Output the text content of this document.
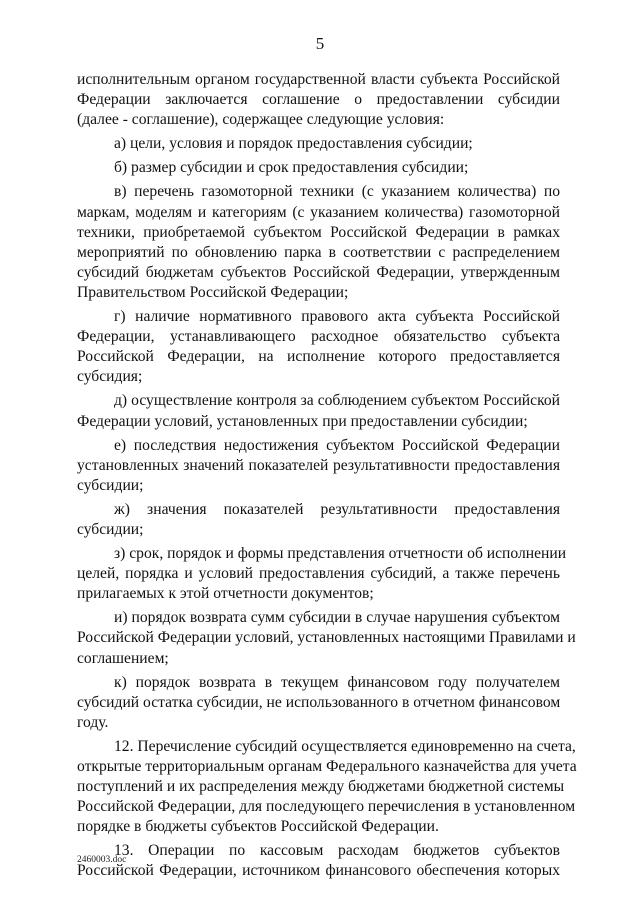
5
исполнительным органом государственной власти субъекта Российской
Федерации заключается соглашение о предоставлении субсидии
(далее - соглашение), содержащее следующие условия:
а) цели, условия и порядок предоставления субсидии;
б) размер субсидии и срок предоставления субсидии;
в) перечень газомоторной техники (с указанием количества) по
маркам, моделям и категориям (с указанием количества) газомоторной
техники, приобретаемой субъектом Российской Федерации в рамках
мероприятий по обновлению парка в соответствии с распределением
субсидий бюджетам субъектов Российской Федерации, утвержденным
Правительством Российской Федерации;
г) наличие нормативного правового акта субъекта Российской
Федерации, устанавливающего расходное обязательство субъекта
Российской Федерации, на исполнение которого предоставляется
субсидия;
д) осуществление контроля за соблюдением субъектом Российской
Федерации условий, установленных при предоставлении субсидии;
е) последствия недостижения субъектом Российской Федерации
установленных значений показателей результативности предоставления
субсидии;
ж) значения показателей результативности предоставления
субсидии;
з) срок, порядок и формы представления отчетности об исполнении
целей, порядка и условий предоставления субсидий, а также перечень
прилагаемых к этой отчетности документов;
и) порядок возврата сумм субсидии в случае нарушения субъектом
Российской Федерации условий, установленных настоящими Правилами и
соглашением;
к) порядок возврата в текущем финансовом году получателем
субсидий остатка субсидии, не использованного в отчетном финансовом
году.
12. Перечисление субсидий осуществляется единовременно на счета,
открытые территориальным органам Федерального казначейства для учета
поступлений и их распределения между бюджетами бюджетной системы
Российской Федерации, для последующего перечисления в установленном
порядке в бюджеты субъектов Российской Федерации.
13. Операции по кассовым расходам бюджетов субъектов
Российской Федерации, источником финансового обеспечения которых
2460003.doc
